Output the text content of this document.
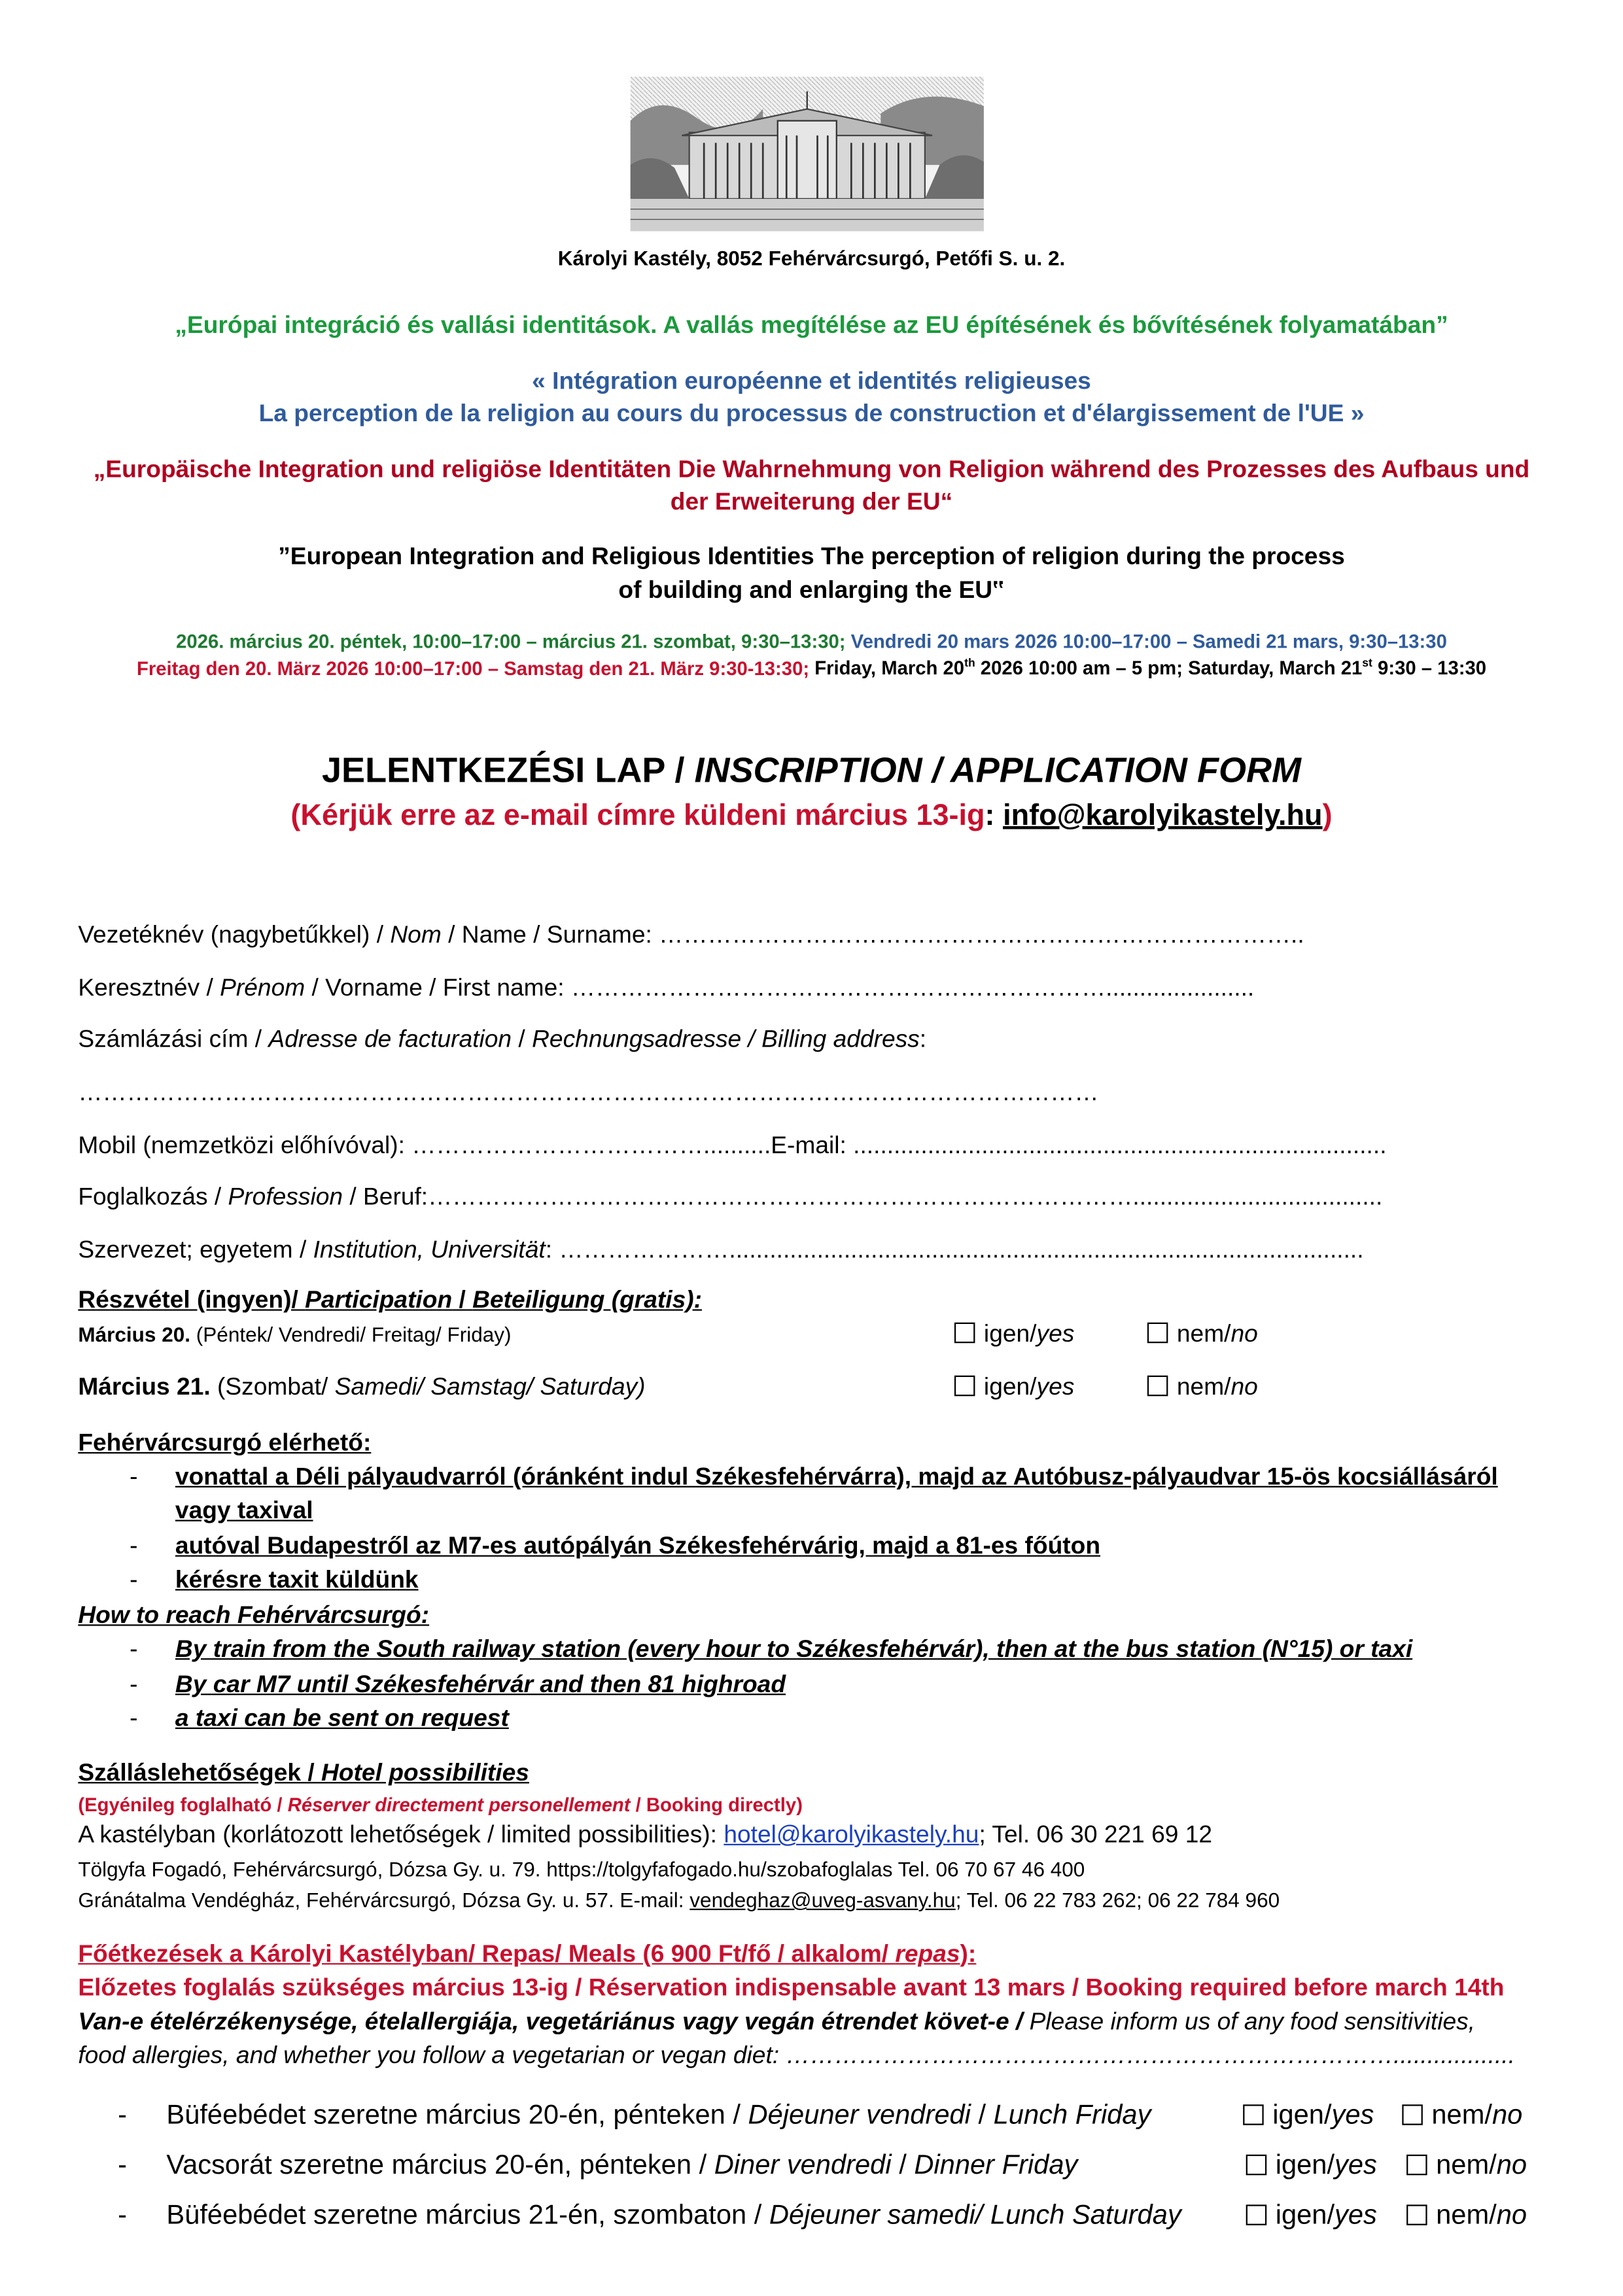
Károlyi Kastély, 8052 Fehérvárcsurgó, Petőfi S. u. 2.
„Európai integráció és vallási identitások. A vallás megítélése az EU építésének és bővítésének folyamatában”
« Intégration européenne et identités religieuses
La perception de la religion au cours du processus de construction et d'élargissement de l'UE »
„Europäische Integration und religiöse Identitäten Die Wahrnehmung von Religion während des Prozesses des Aufbaus und
der Erweiterung der EU“
”European Integration and Religious Identities The perception of religion during the process
of building and enlarging the EU‟
2026. március 20. péntek, 10:00–17:00 – március 21. szombat, 9:30–13:30; Vendredi 20 mars 2026 10:00–17:00 – Samedi 21 mars, 9:30–13:30
Freitag den 20. März 2026 10:00–17:00 – Samstag den 21. März 9:30-13:30; Friday, March 20th 2026 10:00 am – 5 pm; Saturday, March 21st 9:30 – 13:30
JELENTKEZÉSI LAP / INSCRIPTION / APPLICATION FORM
(Kérjük erre az e-mail címre küldeni március 13-ig: info@karolyikastely.hu)
Vezetéknév (nagybetűkkel) / Nom / Name / Surname: ……………………………………………………………………..
Keresztnév / Prénom / Vorname / First name: …………………………………………………………......................
Számlázási cím / Adresse de facturation / Rechnungsadresse / Billing address:
………………………………………………………………………………………………………………
Mobil (nemzetközi előhívóval): ………………………………..........E-mail: ...............................................................................
Foglalkozás / Profession / Beruf:…………………………………………………………………………….....................................
Szervezet; egyetem / Institution, Universität: …………………..............................................................................................
Részvétel (ingyen)/ Participation / Beteiligung (gratis):
Március 20. (Péntek/ Vendredi/ Freitag/ Friday)	igen/yes	nem/no
Március 21. (Szombat/ Samedi/ Samstag/ Saturday)	igen/yes	nem/no
Fehérvárcsurgó elérhető:
-	vonattal a Déli pályaudvarról (óránként indul Székesfehérvárra), majd az Autóbusz-pályaudvar 15-ös kocsiállásáról
vagy taxival
-	autóval Budapestről az M7-es autópályán Székesfehérvárig, majd a 81-es főúton
-	kérésre taxit küldünk
How to reach Fehérvárcsurgó:
-	By train from the South railway station (every hour to Székesfehérvár), then at the bus station (N°15) or taxi
-	By car M7 until Székesfehérvár and then 81 highroad
-	a taxi can be sent on request
Szálláslehetőségek / Hotel possibilities
(Egyénileg foglalható / Réserver directement personellement / Booking directly)
A kastélyban (korlátozott lehetőségek / limited possibilities): hotel@karolyikastely.hu; Tel. 06 30 221 69 12
Tölgyfa Fogadó, Fehérvárcsurgó, Dózsa Gy. u. 79. https://tolgyfafogado.hu/szobafoglalas Tel. 06 70 67 46 400
Gránátalma Vendégház, Fehérvárcsurgó, Dózsa Gy. u. 57. E-mail: vendeghaz@uveg-asvany.hu; Tel. 06 22 783 262; 06 22 784 960
Főétkezések a Károlyi Kastélyban/ Repas/ Meals (6 900 Ft/fő / alkalom/ repas):
Előzetes foglalás szükséges március 13-ig / Réservation indispensable avant 13 mars / Booking required before march 14th
Van-e ételérzékenysége, ételallergiája, vegetáriánus vagy vegán étrendet követ-e / Please inform us of any food sensitivities,
food allergies, and whether you follow a vegetarian or vegan diet: …………………………………………………………………..................
-	Büféebédet szeretne március 20-én, pénteken / Déjeuner vendredi / Lunch Friday	igen/yes	nem/no
-	Vacsorát szeretne március 20-én, pénteken / Diner vendredi / Dinner Friday	igen/yes	nem/no
-	Büféebédet szeretne március 21-én, szombaton / Déjeuner samedi/ Lunch Saturday	igen/yes	nem/no
